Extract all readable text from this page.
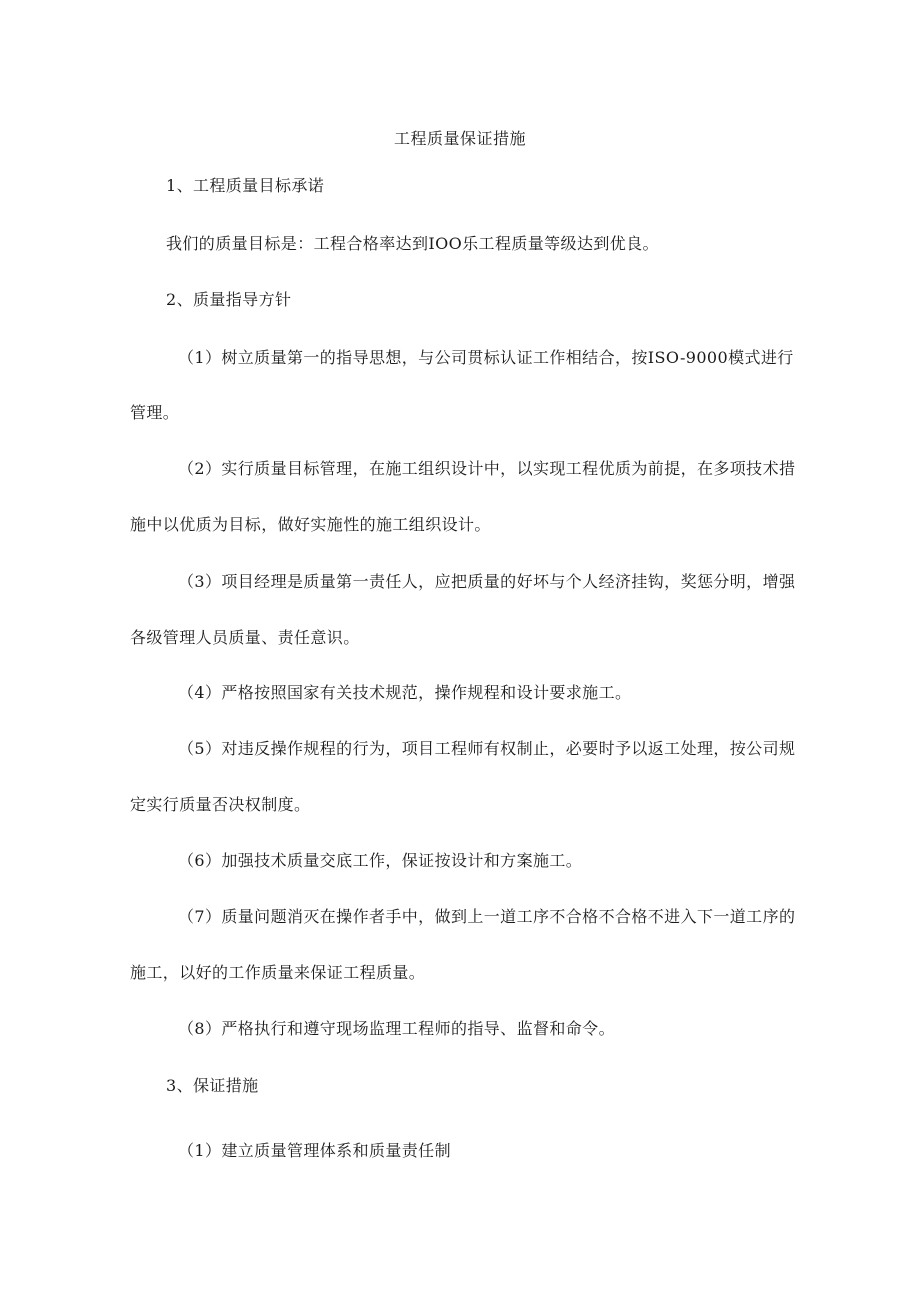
工程质量保证措施
1、工程质量目标承诺
我们的质量目标是：工程合格率达到IOO乐工程质量等级达到优良。
2、质量指导方针
（1）树立质量第一的指导思想，与公司贯标认证工作相结合，按ISO-9000模式进行
管理。
（2）实行质量目标管理，在施工组织设计中，以实现工程优质为前提，在多项技术措
施中以优质为目标，做好实施性的施工组织设计。
（3）项目经理是质量第一责任人，应把质量的好坏与个人经济挂钩，奖惩分明，增强
各级管理人员质量、责任意识。
（4）严格按照国家有关技术规范，操作规程和设计要求施工。
（5）对违反操作规程的行为，项目工程师有权制止，必要时予以返工处理，按公司规
定实行质量否决权制度。
（6）加强技术质量交底工作，保证按设计和方案施工。
（7）质量问题消灭在操作者手中，做到上一道工序不合格不合格不进入下一道工序的
施工，以好的工作质量来保证工程质量。
（8）严格执行和遵守现场监理工程师的指导、监督和命令。
3、保证措施
（1）建立质量管理体系和质量责任制
